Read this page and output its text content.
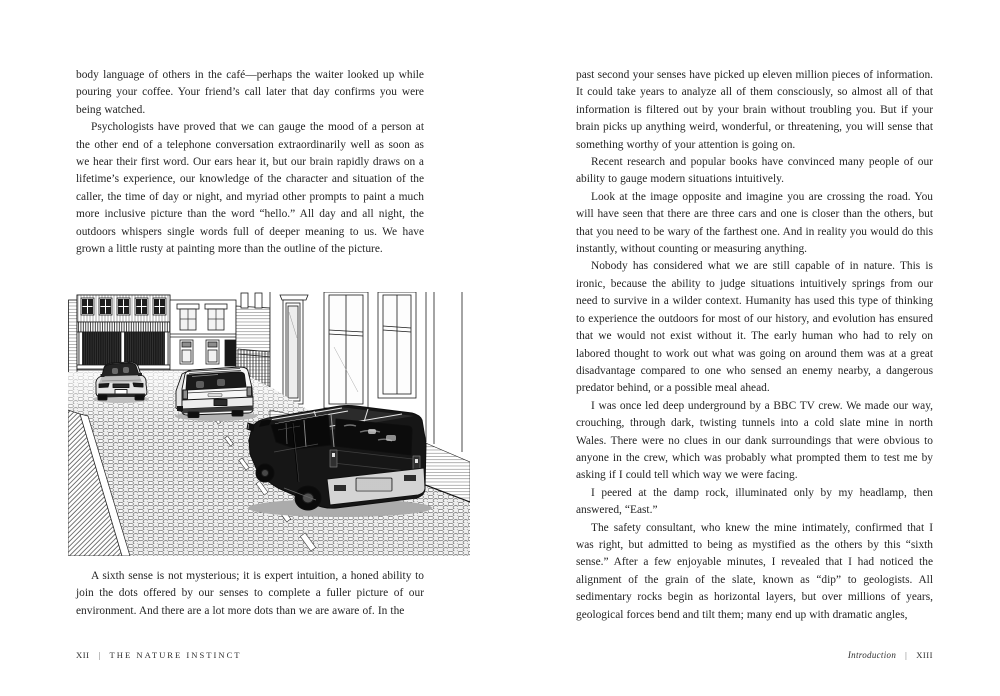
body language of others in the café—perhaps the waiter looked up while pouring your coffee. Your friend’s call later that day confirms you were being watched.

Psychologists have proved that we can gauge the mood of a person at the other end of a telephone conversation extraordinarily well as soon as we hear their first word. Our ears hear it, but our brain rapidly draws on a lifetime’s experience, our knowledge of the character and situation of the caller, the time of day or night, and myriad other prompts to paint a much more inclusive picture than the word “hello.” All day and all night, the outdoors whispers single words full of deeper meaning to us. We have grown a little rusty at painting more than the outline of the picture.

A sixth sense is not mysterious; it is expert intuition, a honed ability to join the dots offered by our senses to complete a fuller picture of our environment. And there are a lot more dots than we are aware of. In the

XII | THE NATURE INSTINCT

past second your senses have picked up eleven million pieces of information. It could take years to analyze all of them consciously, so almost all of that information is filtered out by your brain without troubling you. But if your brain picks up anything weird, wonderful, or threatening, you will sense that something worthy of your attention is going on.

Recent research and popular books have convinced many people of our ability to gauge modern situations intuitively.

Look at the image opposite and imagine you are crossing the road. You will have seen that there are three cars and one is closer than the others, but that you need to be wary of the farthest one. And in reality you would do this instantly, without counting or measuring anything.

Nobody has considered what we are still capable of in nature. This is ironic, because the ability to judge situations intuitively springs from our need to survive in a wilder context. Humanity has used this type of thinking to experience the outdoors for most of our history, and evolution has ensured that we would not exist without it. The early human who had to rely on labored thought to work out what was going on around them was at a great disadvantage compared to one who sensed an enemy nearby, a dangerous predator behind, or a possible meal ahead.

I was once led deep underground by a BBC TV crew. We made our way, crouching, through dark, twisting tunnels into a cold slate mine in north Wales. There were no clues in our dank surroundings that were obvious to anyone in the crew, which was probably what prompted them to test me by asking if I could tell which way we were facing.

I peered at the damp rock, illuminated only by my headlamp, then answered, “East.”

The safety consultant, who knew the mine intimately, confirmed that I was right, but admitted to being as mystified as the others by this “sixth sense.” After a few enjoyable minutes, I revealed that I had noticed the alignment of the grain of the slate, known as “dip” to geologists. All sedimentary rocks begin as horizontal layers, but over millions of years, geological forces bend and tilt them; many end up with dramatic angles,

Introduction | XIII
